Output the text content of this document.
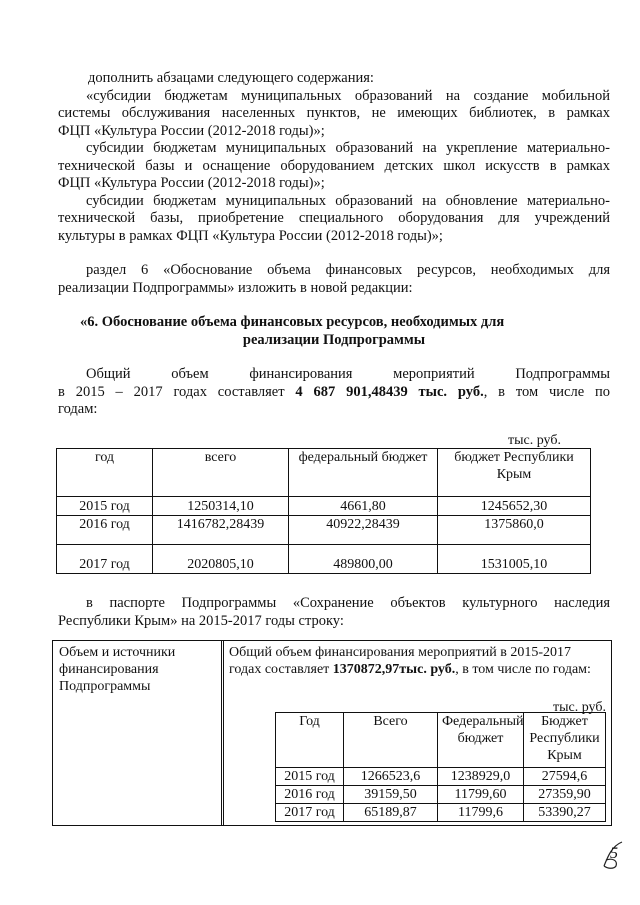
дополнить абзацами следующего содержания:
«субсидии бюджетам муниципальных образований на создание мобильной
системы обслуживания населенных пунктов, не имеющих библиотек, в рамках
ФЦП «Культура России (2012-2018 годы)»;
субсидии бюджетам муниципальных образований на укрепление материально-
технической базы и оснащение оборудованием детских школ искусств в рамках
ФЦП «Культура России (2012-2018 годы)»;
субсидии бюджетам муниципальных образований на обновление материально-
технической базы, приобретение специального оборудования для учреждений
культуры в рамках ФЦП «Культура России (2012-2018 годы)»;
раздел 6 «Обоснование объема финансовых ресурсов, необходимых для
реализации Подпрограммы» изложить в новой редакции:
«6. Обоснование объема финансовых ресурсов, необходимых для
реализации Подпрограммы
Общий объем финансирования мероприятий Подпрограммы
в 2015 – 2017 годах составляет 4 687 901,48439 тыс. руб., в том числе по
годам:
тыс. руб.
год	всего	федеральный бюджет	бюджет Республики Крым
2015 год	1250314,10	4661,80	1245652,30
2016 год	1416782,28439	40922,28439	1375860,0
2017 год	2020805,10	489800,00	1531005,10
в паспорте Подпрограммы «Сохранение объектов культурного наследия
Республики Крым» на 2015-2017 годы строку:
Объем и источники финансирования Подпрограммы
Общий объем финансирования мероприятий в 2015-2017 годах составляет 1370872,97тыс. руб., в том числе по годам:
тыс. руб.
Год	Всего	Федеральный бюджет	Бюджет Республики Крым
2015 год	1266523,6	1238929,0	27594,6
2016 год	39159,50	11799,60	27359,90
2017 год	65189,87	11799,6	53390,27
5
